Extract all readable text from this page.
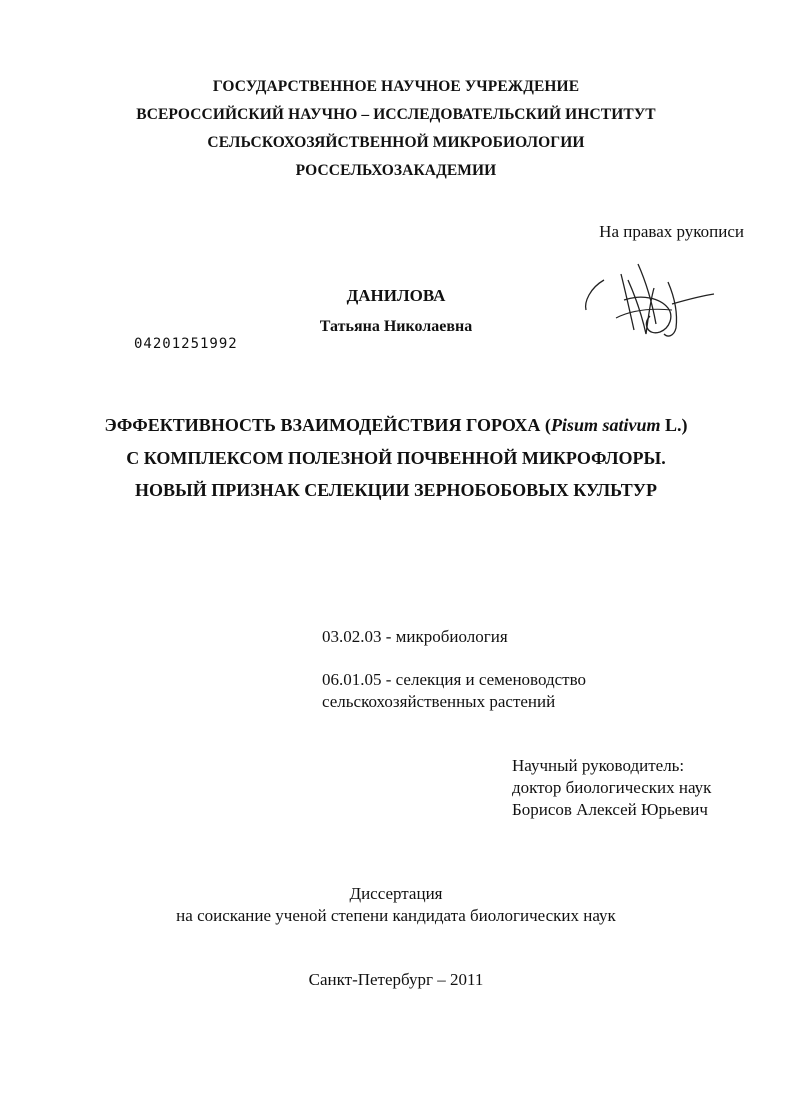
ГОСУДАРСТВЕННОЕ НАУЧНОЕ УЧРЕЖДЕНИЕ
ВСЕРОССИЙСКИЙ НАУЧНО – ИССЛЕДОВАТЕЛЬСКИЙ ИНСТИТУТ
СЕЛЬСКОХОЗЯЙСТВЕННОЙ МИКРОБИОЛОГИИ
РОССЕЛЬХОЗАКАДЕМИИ
На правах рукописи
ДАНИЛОВА
Татьяна Николаевна
04201251992
ЭФФЕКТИВНОСТЬ ВЗАИМОДЕЙСТВИЯ ГОРОХА (Pisum sativum L.)
С КОМПЛЕКСОМ ПОЛЕЗНОЙ ПОЧВЕННОЙ МИКРОФЛОРЫ.
НОВЫЙ ПРИЗНАК СЕЛЕКЦИИ ЗЕРНОБОБОВЫХ КУЛЬТУР
03.02.03 - микробиология
06.01.05 - селекция и семеноводство
сельскохозяйственных растений
Научный руководитель:
доктор биологических наук
Борисов Алексей Юрьевич
Диссертация
на соискание ученой степени кандидата биологических наук
Санкт-Петербург – 2011
